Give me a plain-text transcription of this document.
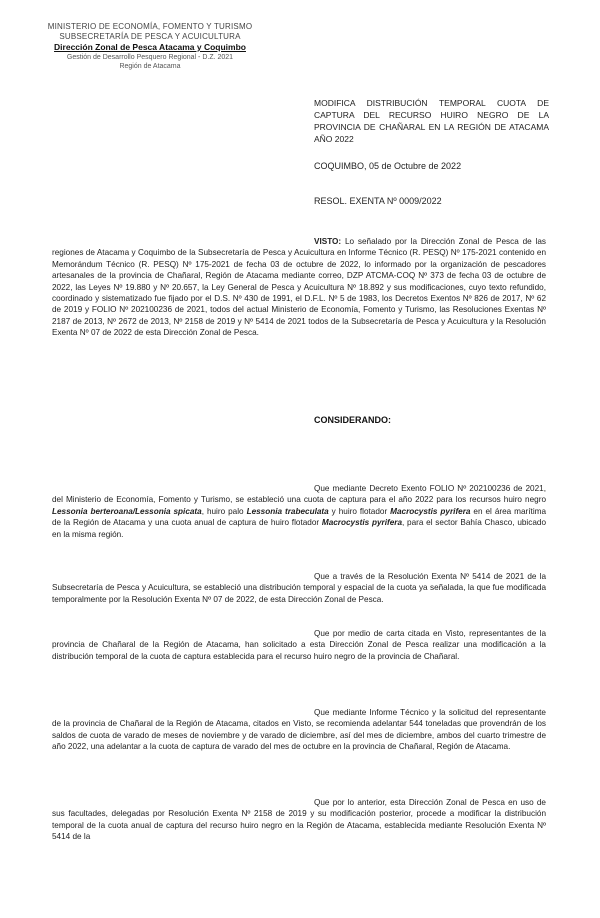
MINISTERIO DE ECONOMÍA, FOMENTO Y TURISMO
SUBSECRETARÍA DE PESCA Y ACUICULTURA
Dirección Zonal de Pesca Atacama y Coquimbo
Gestión de Desarrollo Pesquero Regional - D.Z. 2021
Región de Atacama
MODIFICA DISTRIBUCIÓN TEMPORAL CUOTA DE CAPTURA DEL RECURSO HUIRO NEGRO DE LA PROVINCIA DE CHAÑARAL EN LA REGIÓN DE ATACAMA AÑO 2022
COQUIMBO, 05 de Octubre de 2022
RESOL. EXENTA Nº 0009/2022
VISTO: Lo señalado por la Dirección Zonal de Pesca de las regiones de Atacama y Coquimbo de la Subsecretaría de Pesca y Acuicultura en Informe Técnico (R. PESQ) Nº 175-2021 contenido en Memorándum Técnico (R. PESQ) Nº 175-2021 de fecha 03 de octubre de 2022, lo informado por la organización de pescadores artesanales de la provincia de Chañaral, Región de Atacama mediante correo, DZP ATCMA-COQ Nº 373 de fecha 03 de octubre de 2022, las Leyes Nº 19.880 y Nº 20.657, la Ley General de Pesca y Acuicultura Nº 18.892 y sus modificaciones, cuyo texto refundido, coordinado y sistematizado fue fijado por el D.S. Nº 430 de 1991, el D.F.L. Nº 5 de 1983, los Decretos Exentos Nº 826 de 2017, Nº 62 de 2019 y FOLIO Nº 202100236 de 2021, todos del actual Ministerio de Economía, Fomento y Turismo, las Resoluciones Exentas Nº 2187 de 2013, Nº 2672 de 2013, Nº 2158 de 2019 y Nº 5414 de 2021 todos de la Subsecretaría de Pesca y Acuicultura y la Resolución Exenta Nº 07 de 2022 de esta Dirección Zonal de Pesca.
CONSIDERANDO:
Que mediante Decreto Exento FOLIO Nº 202100236 de 2021, del Ministerio de Economía, Fomento y Turismo, se estableció una cuota de captura para el año 2022 para los recursos huiro negro Lessonia berteroana/Lessonia spicata, huiro palo Lessonia trabeculata y huiro flotador Macrocystis pyrifera en el área marítima de la Región de Atacama y una cuota anual de captura de huiro flotador Macrocystis pyrifera, para el sector Bahía Chasco, ubicado en la misma región.
Que a través de la Resolución Exenta Nº 5414 de 2021 de la Subsecretaría de Pesca y Acuicultura, se estableció una distribución temporal y espacial de la cuota ya señalada, la que fue modificada temporalmente por la Resolución Exenta Nº 07 de 2022, de esta Dirección Zonal de Pesca.
Que por medio de carta citada en Visto, representantes de la provincia de Chañaral de la Región de Atacama, han solicitado a esta Dirección Zonal de Pesca realizar una modificación a la distribución temporal de la cuota de captura establecida para el recurso huiro negro de la provincia de Chañaral.
Que mediante Informe Técnico y la solicitud del representante de la provincia de Chañaral de la Región de Atacama, citados en Visto, se recomienda adelantar 544 toneladas que provendrán de los saldos de cuota de varado de meses de noviembre y de varado de diciembre, así del mes de diciembre, ambos del cuarto trimestre de año 2022, una adelantar a la cuota de captura de varado del mes de octubre en la provincia de Chañaral, Región de Atacama.
Que por lo anterior, esta Dirección Zonal de Pesca en uso de sus facultades, delegadas por Resolución Exenta Nº 2158 de 2019 y su modificación posterior, procede a modificar la distribución temporal de la cuota anual de captura del recurso huiro negro en la Región de Atacama, establecida mediante Resolución Exenta Nº 5414 de la
